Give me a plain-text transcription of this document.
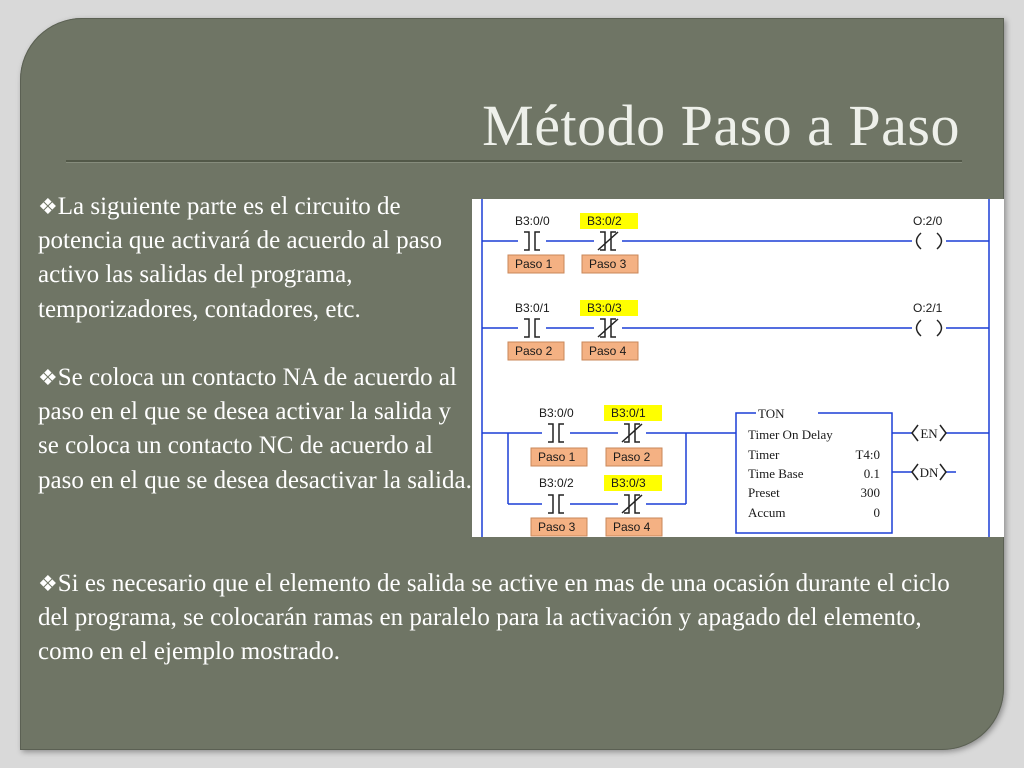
Método Paso a Paso
❖La siguiente parte es el circuito de potencia que activará de acuerdo al paso activo las salidas del programa, temporizadores, contadores, etc.
❖Se coloca un contacto NA de acuerdo al paso en el que se desea activar la salida y se coloca un contacto NC de acuerdo al paso en el que se desea desactivar la salida.
❖Si es necesario que el elemento de salida se active en mas de una ocasión durante el ciclo del programa, se colocarán ramas en paralelo para la activación y apagado del elemento, como en el ejemplo mostrado.
B3:0/0
Paso 1
B3:0/2
Paso 3
O:2/0
B3:0/1
Paso 2
B3:0/3
Paso 4
O:2/1
B3:0/0
Paso 1
B3:0/1
Paso 2
B3:0/2
Paso 3
B3:0/3
Paso 4
TON
Timer On Delay
Timer	T4:0
Time Base	0.1
Preset	300
Accum	0
EN
DN
